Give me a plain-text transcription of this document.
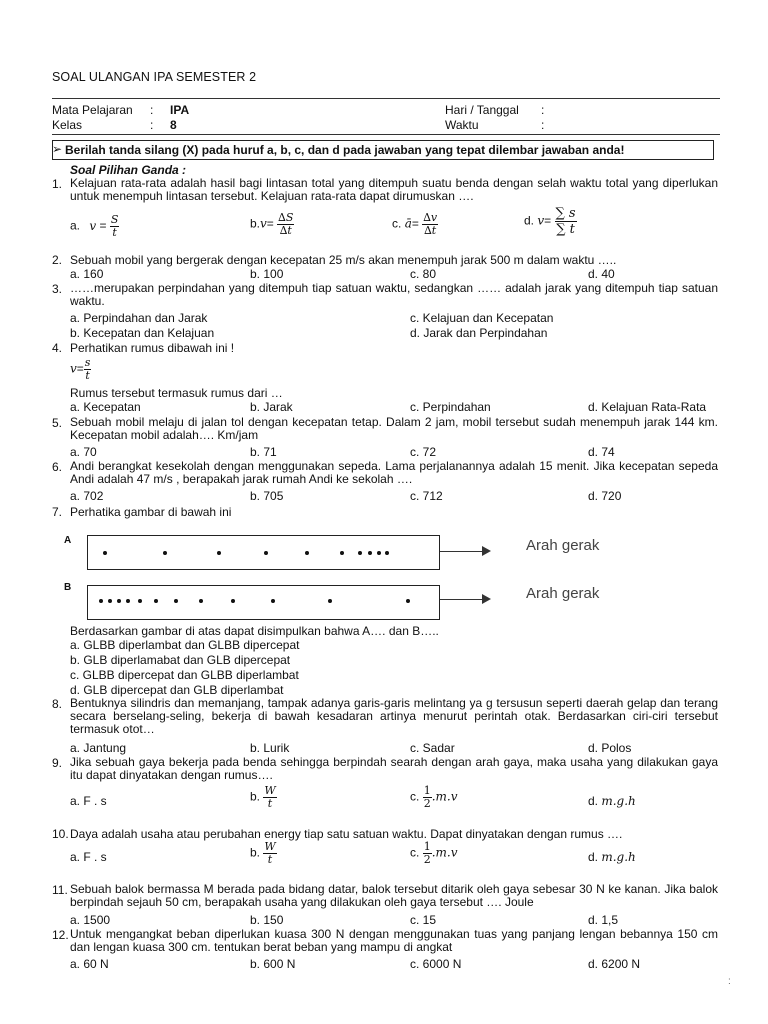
SOAL ULANGAN IPA SEMESTER 2
Mata Pelajaran : IPA	Hari / Tanggal :
Kelas	: 8	Waktu	:
➢ Berilah tanda silang (X) pada huruf a, b, c, dan d pada jawaban yang tepat dilembar jawaban anda!
Soal Pilihan Ganda :
1. Kelajuan rata-rata adalah hasil bagi lintasan total yang ditempuh suatu benda dengan selah waktu total yang diperlukan untuk menempuh lintasan tersebut. Kelajuan rata-rata dapat dirumuskan ….
a. $v = \frac{S}{t}$	$b.v= \frac{\Delta S}{\Delta t}$	c. ā= $\frac{\Delta v}{\Delta t}$	d. $v= \frac{\sum s}{\sum t}$
2. Sebuah mobil yang bergerak dengan kecepatan 25 m/s akan menempuh jarak 500 m dalam waktu …..
a. 160	b. 100	c. 80	d. 40
3. ……merupakan perpindahan yang ditempuh tiap satuan waktu, sedangkan …… adalah jarak yang ditempuh tiap satuan waktu.
a. Perpindahan dan Jarak	c. Kelajuan dan Kecepatan
b. Kecepatan dan Kelajuan	d. Jarak dan Perpindahan
4. Perhatikan rumus dibawah ini !
$v= \frac{s}{t}$
Rumus tersebut termasuk rumus dari …
a. Kecepatan	b. Jarak	c. Perpindahan	d. Kelajuan Rata-Rata
5. Sebuah mobil melaju di jalan tol dengan kecepatan tetap. Dalam 2 jam, mobil tersebut sudah menempuh jarak 144 km. Kecepatan mobil adalah…. Km/jam
a. 70	b. 71	c. 72	d. 74
6. Andi berangkat kesekolah dengan menggunakan sepeda. Lama perjalanannya adalah 15 menit. Jika kecepatan sepeda Andi adalah 47 m/s , berapakah jarak rumah Andi ke sekolah ….
a. 702	b. 705	c. 712	d. 720
7. Perhatika gambar di bawah ini
A	Arah gerak
B	Arah gerak
Berdasarkan gambar di atas dapat disimpulkan bahwa A…. dan B…..
a. GLBB diperlambat dan GLBB dipercepat
b. GLB diperlamabat dan GLB dipercepat
c. GLBB dipercepat dan GLBB diperlambat
d. GLB dipercepat dan GLB diperlambat
8. Bentuknya silindris dan memanjang, tampak adanya garis-garis melintang ya g tersusun seperti daerah gelap dan terang secara berselang-seling, bekerja di bawah kesadaran artinya menurut perintah otak. Berdasarkan ciri-ciri tersebut termasuk otot…
a. Jantung	b. Lurik	c. Sadar	d. Polos
9. Jika sebuah gaya bekerja pada benda sehingga berpindah searah dengan arah gaya, maka usaha yang dilakukan gaya itu dapat dinyatakan dengan rumus….
a. F . s	b. $\frac{W}{t}$	c. $\frac{1}{2} .m.v$	d. m.g.h
10. Daya adalah usaha atau perubahan energy tiap satu satuan waktu. Dapat dinyatakan dengan rumus ….
a. F . s	b. $\frac{W}{t}$	c. $\frac{1}{2} .m.v$	d. m.g.h
11. Sebuah balok bermassa M berada pada bidang datar, balok tersebut ditarik oleh gaya sebesar 30 N ke kanan. Jika balok berpindah sejauh 50 cm, berapakah usaha yang dilakukan oleh gaya tersebut …. Joule
a. 1500	b. 150	c. 15	d. 1,5
12. Untuk mengangkat beban diperlukan kuasa 300 N dengan menggunakan tuas yang panjang lengan bebannya 150 cm dan lengan kuasa 300 cm. tentukan berat beban yang mampu di angkat
a. 60 N	b. 600 N	c. 6000 N	d. 6200 N
:
